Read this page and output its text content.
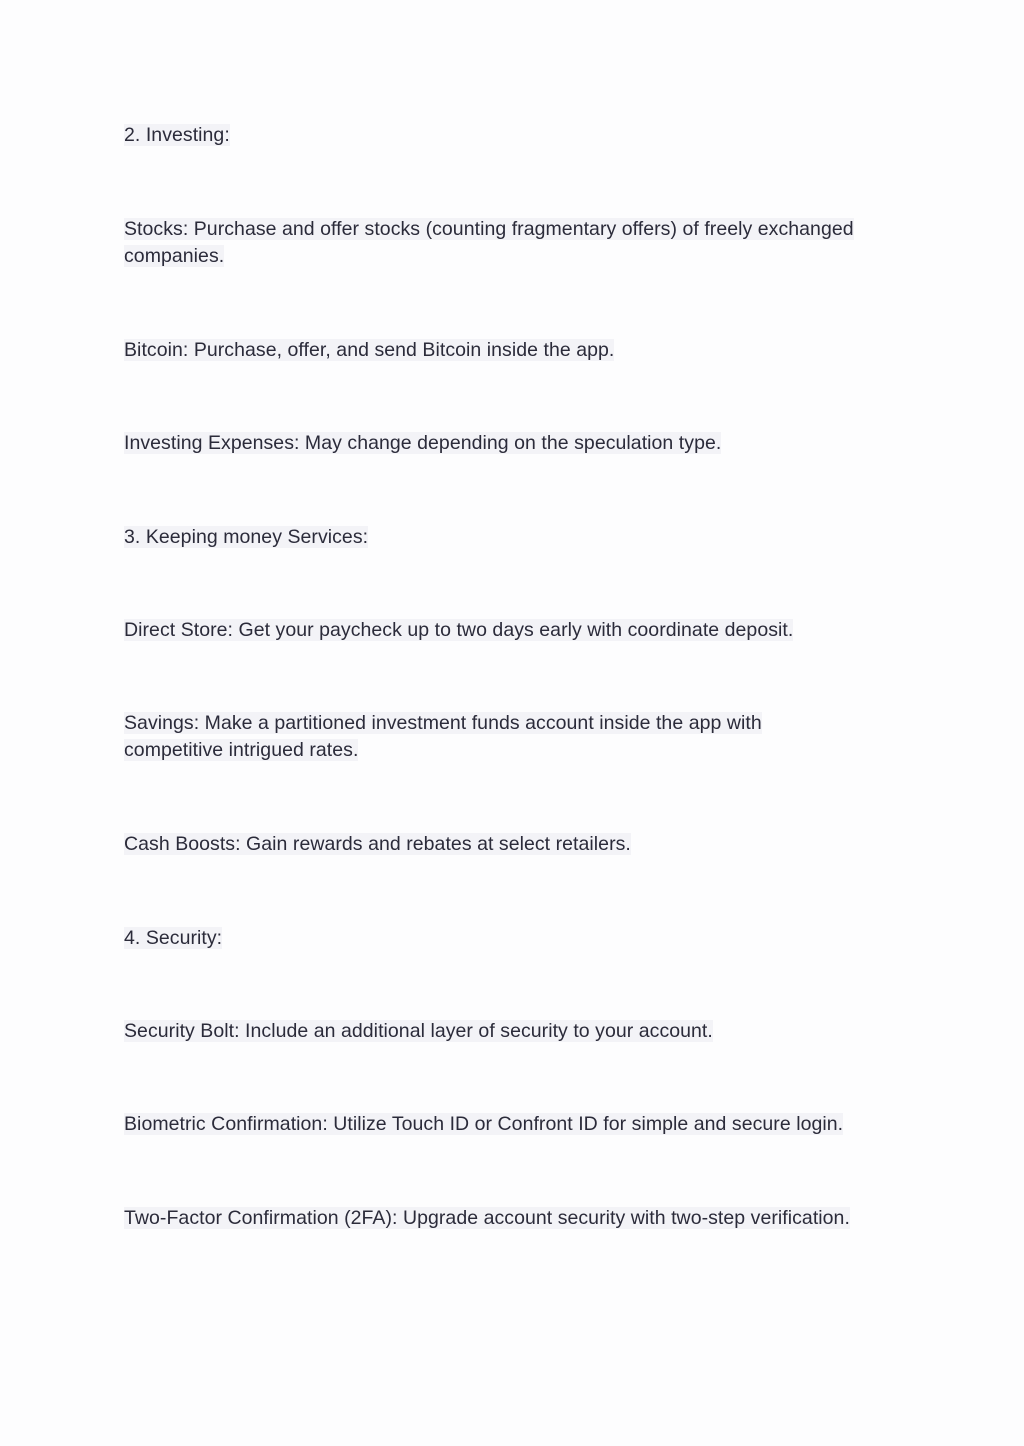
2. Investing:

Stocks: Purchase and offer stocks (counting fragmentary offers) of freely exchanged companies.

Bitcoin: Purchase, offer, and send Bitcoin inside the app.

Investing Expenses: May change depending on the speculation type.

3. Keeping money Services:

Direct Store: Get your paycheck up to two days early with coordinate deposit.

Savings: Make a partitioned investment funds account inside the app with competitive intrigued rates.

Cash Boosts: Gain rewards and rebates at select retailers.

4. Security:

Security Bolt: Include an additional layer of security to your account.

Biometric Confirmation: Utilize Touch ID or Confront ID for simple and secure login.

Two-Factor Confirmation (2FA): Upgrade account security with two-step verification.
